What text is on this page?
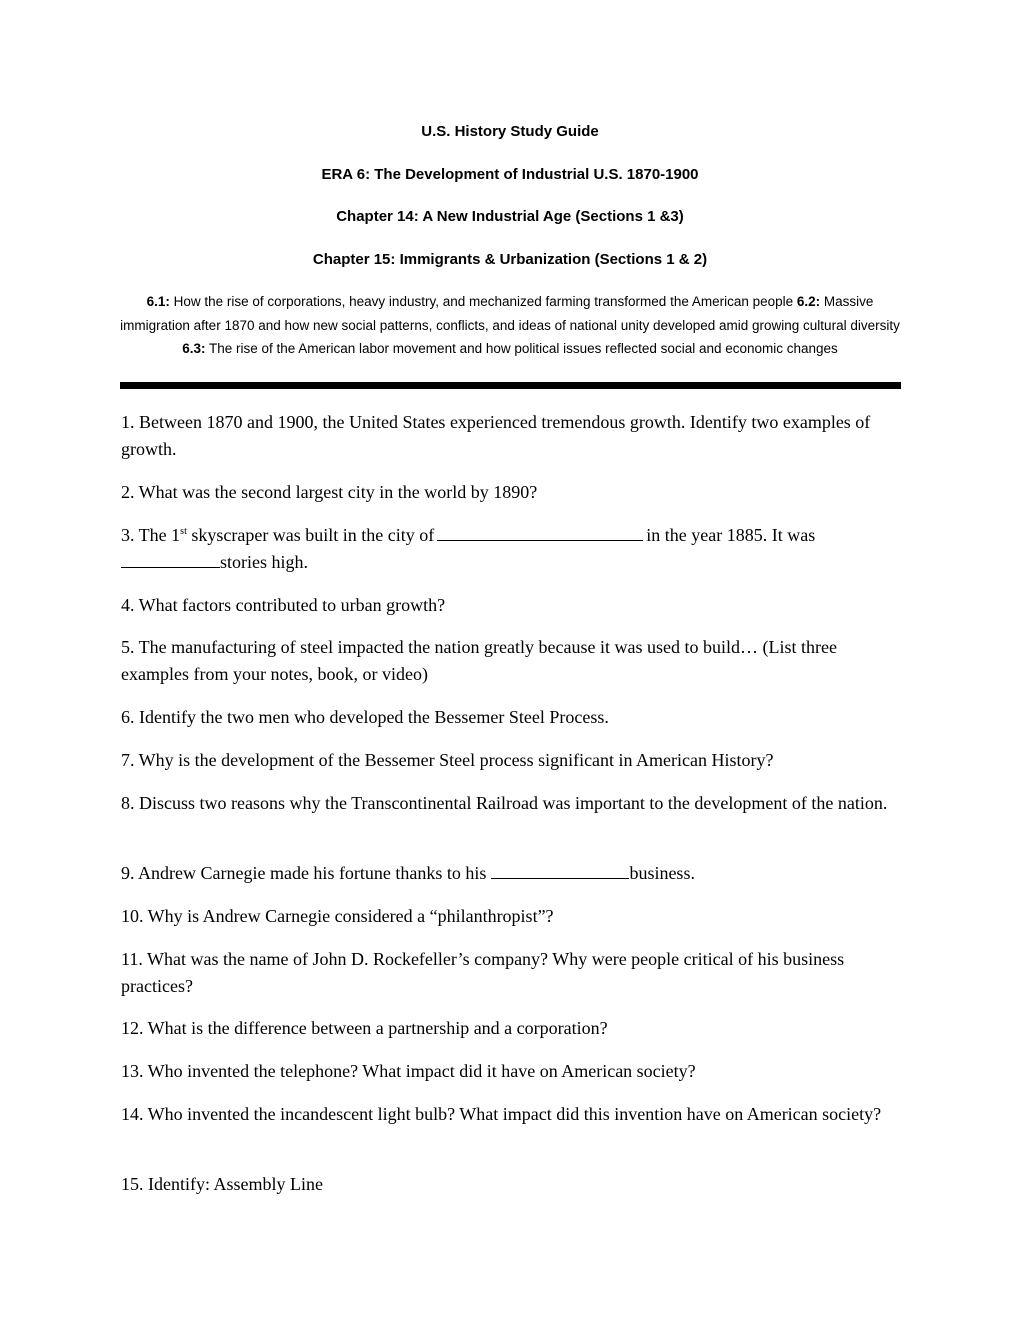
U.S. History Study Guide
ERA 6: The Development of Industrial U.S. 1870-1900
Chapter 14: A New Industrial Age (Sections 1 &3)
Chapter 15: Immigrants & Urbanization (Sections 1 & 2)
6.1: How the rise of corporations, heavy industry, and mechanized farming transformed the American people 6.2: Massive immigration after 1870 and how new social patterns, conflicts, and ideas of national unity developed amid growing cultural diversity 6.3: The rise of the American labor movement and how political issues reflected social and economic changes
1. Between 1870 and 1900, the United States experienced tremendous growth. Identify two examples of growth.
2. What was the second largest city in the world by 1890?
3. The 1st skyscraper was built in the city of	in the year 1885. It was
stories high.
4. What factors contributed to urban growth?
5. The manufacturing of steel impacted the nation greatly because it was used to build… (List three examples from your notes, book, or video)
6. Identify the two men who developed the Bessemer Steel Process.
7. Why is the development of the Bessemer Steel process significant in American History?
8. Discuss two reasons why the Transcontinental Railroad was important to the development of the nation.
9. Andrew Carnegie made his fortune thanks to his	business.
10. Why is Andrew Carnegie considered a “philanthropist”?
11. What was the name of John D. Rockefeller’s company? Why were people critical of his business practices?
12. What is the difference between a partnership and a corporation?
13. Who invented the telephone? What impact did it have on American society?
14. Who invented the incandescent light bulb? What impact did this invention have on American society?
15. Identify: Assembly Line
